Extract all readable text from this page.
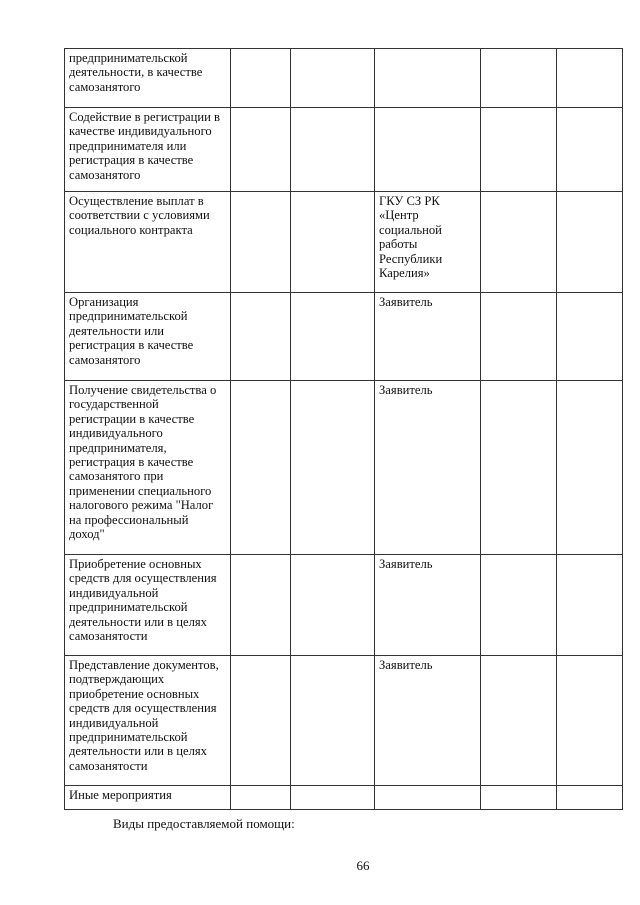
предпринимательской деятельности, в качестве самозанятого					
Содействие в регистрации в качестве индивидуального предпринимателя или регистрация в качестве самозанятого					
Осуществление выплат в соответствии с условиями социального контракта			ГКУ СЗ РК «Центр социальной работы Республики Карелия»		
Организация предпринимательской деятельности или регистрация в качестве самозанятого			Заявитель		
Получение свидетельства о государственной регистрации в качестве индивидуального предпринимателя, регистрация в качестве самозанятого при применении специального налогового режима "Налог на профессиональный доход"			Заявитель		
Приобретение основных средств для осуществления индивидуальной предпринимательской деятельности или в целях самозанятости			Заявитель		
Представление документов, подтверждающих приобретение основных средств для осуществления индивидуальной предпринимательской деятельности или в целях самозанятости			Заявитель		
Иные мероприятия					
Виды предоставляемой помощи:
66
